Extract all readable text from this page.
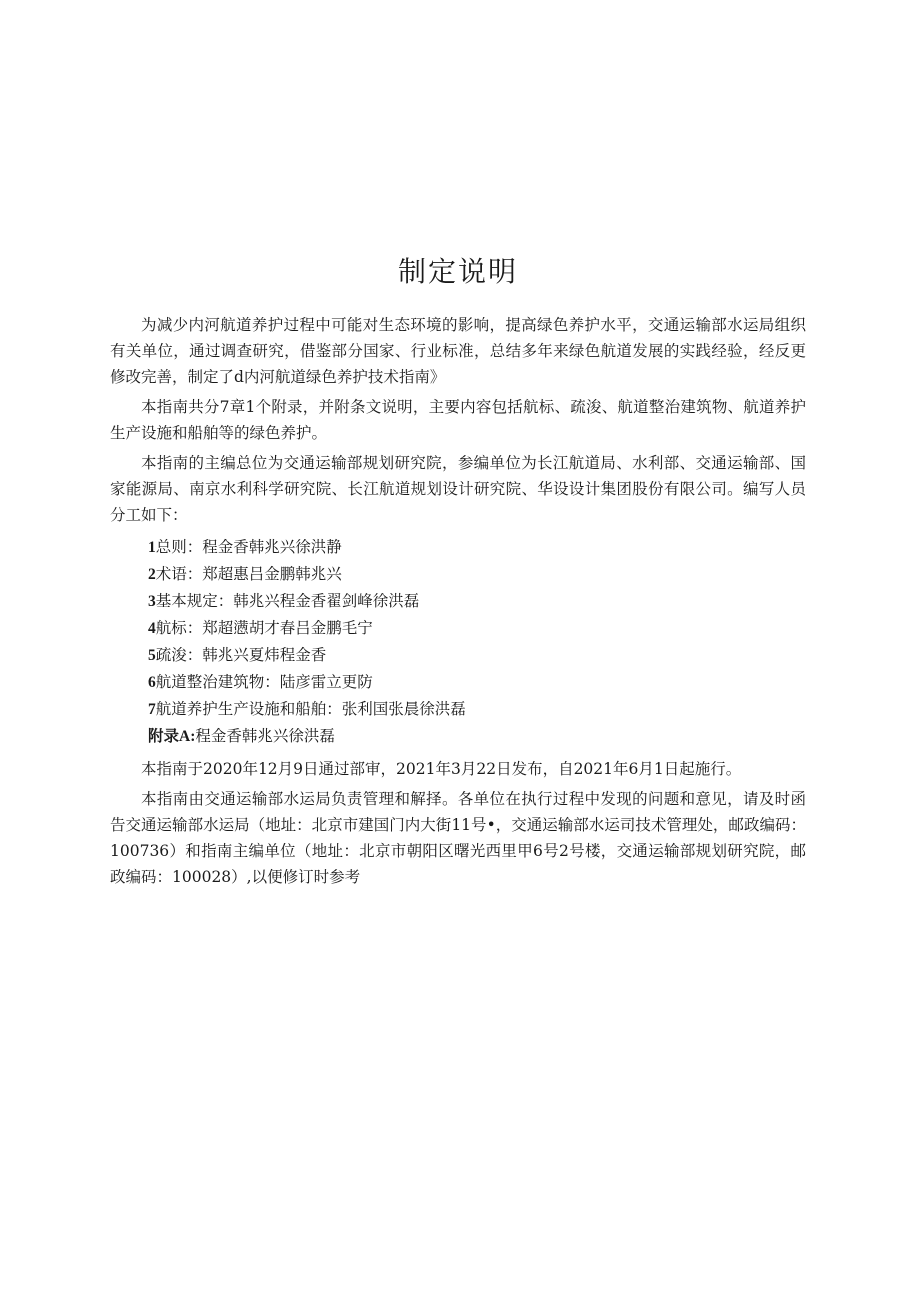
制定说明

为减少内河航道养护过程中可能对生态环境的影响，提高绿色养护水平，交通运输部水运局组织有关单位，通过调查研究，借鉴部分国家、行业标准，总结多年来绿色航道发展的实践经验，经反更修改完善，制定了d内河航道绿色养护技术指南》

本指南共分7章1个附录，并附条文说明，主要内容包括航标、疏浚、航道整治建筑物、航道养护生产设施和船舶等的绿色养护。

本指南的主编总位为交通运输部规划研究院，参编单位为长江航道局、水利部、交通运输部、国家能源局、南京水利科学研究院、长江航道规划设计研究院、华设设计集团股份有限公司。编写人员分工如下：

1总则：程金香韩兆兴徐洪静
2术语：郑超惠吕金鹏韩兆兴
3基本规定：韩兆兴程金香翟剑峰徐洪磊
4航标：郑超懑胡才春吕金鹏毛宁
5疏浚：韩兆兴夏炜程金香
6航道整治建筑物：陆彦雷立更防
7航道养护生产设施和船舶：张利国张晨徐洪磊
附录A:程金香韩兆兴徐洪磊

本指南于2020年12月9日通过部审，2021年3月22日发布，自2021年6月1日起施行。

本指南由交通运输部水运局负责管理和解择。各单位在执行过程中发现的问题和意见，请及时函告交通运输部水运局（地址：北京市建国门内大街11号•，交通运输部水运司技术管理处，邮政编码：100736）和指南主编单位（地址：北京市朝阳区曙光西里甲6号2号楼，交通运输部规划研究院，邮政编码：100028）,以便修订时参考
